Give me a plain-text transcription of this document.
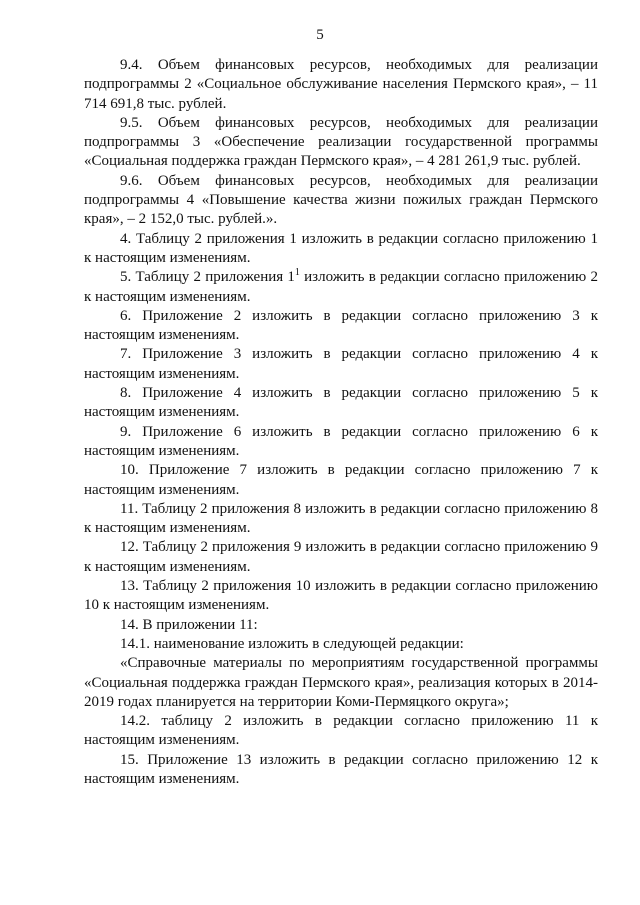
5

9.4. Объем финансовых ресурсов, необходимых для реализации подпрограммы 2 «Социальное обслуживание населения Пермского края», – 11 714 691,8 тыс. рублей.

9.5. Объем финансовых ресурсов, необходимых для реализации подпрограммы 3 «Обеспечение реализации государственной программы «Социальная поддержка граждан Пермского края», – 4 281 261,9 тыс. рублей.

9.6. Объем финансовых ресурсов, необходимых для реализации подпрограммы 4 «Повышение качества жизни пожилых граждан Пермского края», – 2 152,0 тыс. рублей.».

4. Таблицу 2 приложения 1 изложить в редакции согласно приложению 1 к настоящим изменениям.

5. Таблицу 2 приложения $1^1$ изложить в редакции согласно приложению 2 к настоящим изменениям.

6. Приложение 2 изложить в редакции согласно приложению 3 к настоящим изменениям.

7. Приложение 3 изложить в редакции согласно приложению 4 к настоящим изменениям.

8. Приложение 4 изложить в редакции согласно приложению 5 к настоящим изменениям.

9. Приложение 6 изложить в редакции согласно приложению 6 к настоящим изменениям.

10. Приложение 7 изложить в редакции согласно приложению 7 к настоящим изменениям.

11. Таблицу 2 приложения 8 изложить в редакции согласно приложению 8 к настоящим изменениям.

12. Таблицу 2 приложения 9 изложить в редакции согласно приложению 9 к настоящим изменениям.

13. Таблицу 2 приложения 10 изложить в редакции согласно приложению 10 к настоящим изменениям.

14. В приложении 11:

14.1. наименование изложить в следующей редакции:

«Справочные материалы по мероприятиям государственной программы «Социальная поддержка граждан Пермского края», реализация которых в 2014-2019 годах планируется на территории Коми-Пермяцкого округа»;

14.2. таблицу 2 изложить в редакции согласно приложению 11 к настоящим изменениям.

15. Приложение 13 изложить в редакции согласно приложению 12 к настоящим изменениям.
